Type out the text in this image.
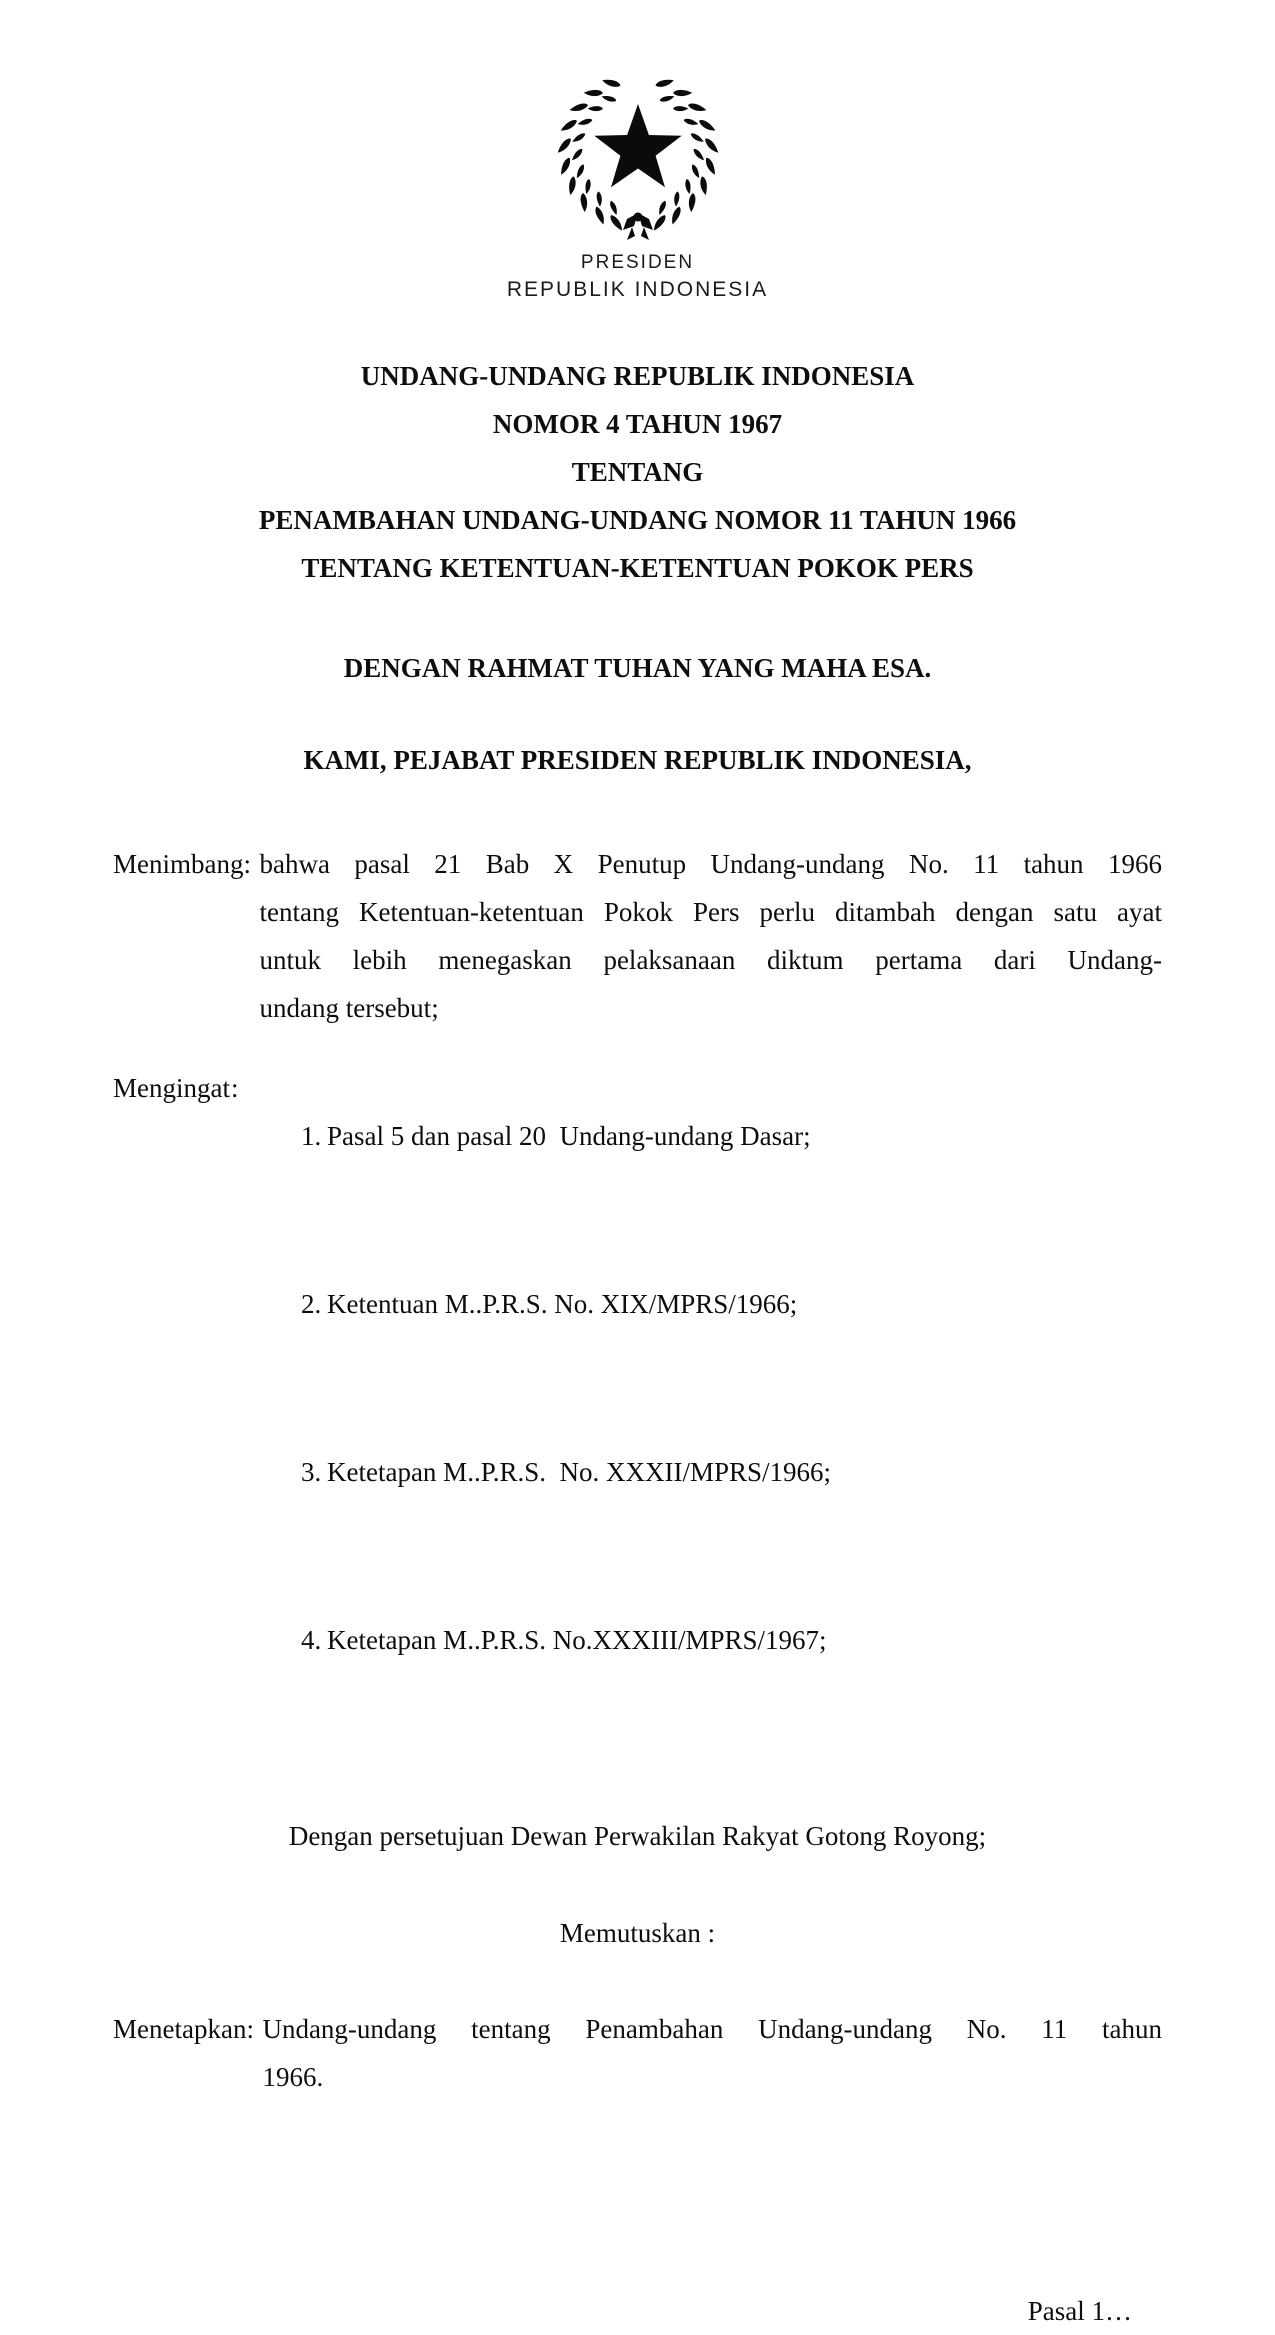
PRESIDEN
REPUBLIK INDONESIA
UNDANG-UNDANG REPUBLIK INDONESIA
NOMOR 4 TAHUN 1967
TENTANG
PENAMBAHAN UNDANG-UNDANG NOMOR 11 TAHUN 1966
TENTANG KETENTUAN-KETENTUAN POKOK PERS

DENGAN RAHMAT TUHAN YANG MAHA ESA.

KAMI, PEJABAT PRESIDEN REPUBLIK INDONESIA,

Menimbang : bahwa pasal 21 Bab X Penutup Undang-undang No. 11 tahun 1966
tentang Ketentuan-ketentuan Pokok Pers perlu ditambah dengan satu ayat
untuk lebih menegaskan pelaksanaan diktum pertama dari Undang-
undang tersebut;
Mengingat :

1. Pasal 5 dan pasal 20  Undang-undang Dasar;

2. Ketentuan M..P.R.S. No. XIX/MPRS/1966;

3. Ketetapan M..P.R.S.  No. XXXII/MPRS/1966;

4. Ketetapan M..P.R.S. No.XXXIII/MPRS/1967;

Dengan persetujuan Dewan Perwakilan Rakyat Gotong Royong;

Memutuskan :

Menetapkan : Undang-undang tentang Penambahan Undang-undang No. 11 tahun
1966.

Pasal 1…
